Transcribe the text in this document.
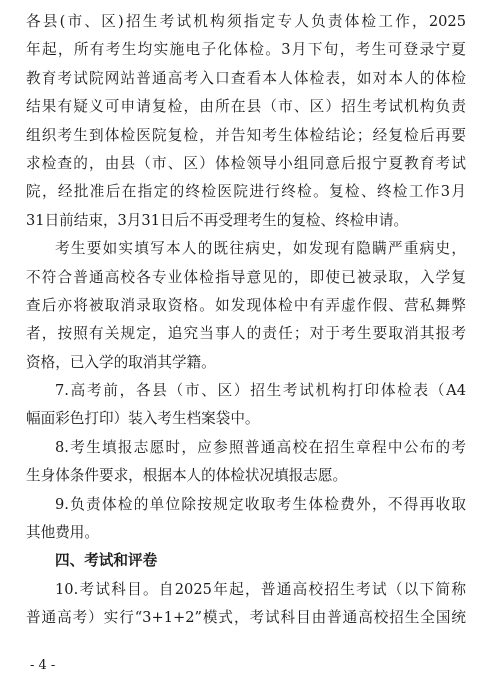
各县(市、区)招生考试机构须指定专人负责体检工作，2025
年起，所有考生均实施电子化体检。3月下旬，考生可登录宁夏
教育考试院网站普通高考入口查看本人体检表，如对本人的体检
结果有疑义可申请复检，由所在县（市、区）招生考试机构负责
组织考生到体检医院复检，并告知考生体检结论；经复检后再要
求检查的，由县（市、区）体检领导小组同意后报宁夏教育考试
院，经批准后在指定的终检医院进行终检。复检、终检工作3月
31日前结束，3月31日后不再受理考生的复检、终检申请。
考生要如实填写本人的既往病史，如发现有隐瞒严重病史，
不符合普通高校各专业体检指导意见的，即使已被录取，入学复
查后亦将被取消录取资格。如发现体检中有弄虚作假、营私舞弊
者，按照有关规定，追究当事人的责任；对于考生要取消其报考
资格，已入学的取消其学籍。
7.高考前，各县（市、区）招生考试机构打印体检表（A4
幅面彩色打印）装入考生档案袋中。
8.考生填报志愿时，应参照普通高校在招生章程中公布的考
生身体条件要求，根据本人的体检状况填报志愿。
9.负责体检的单位除按规定收取考生体检费外，不得再收取
其他费用。
四、考试和评卷
10.考试科目。自2025年起，普通高校招生考试（以下简称
普通高考）实行“3+1+2”模式，考试科目由普通高校招生全国统
- 4 -
